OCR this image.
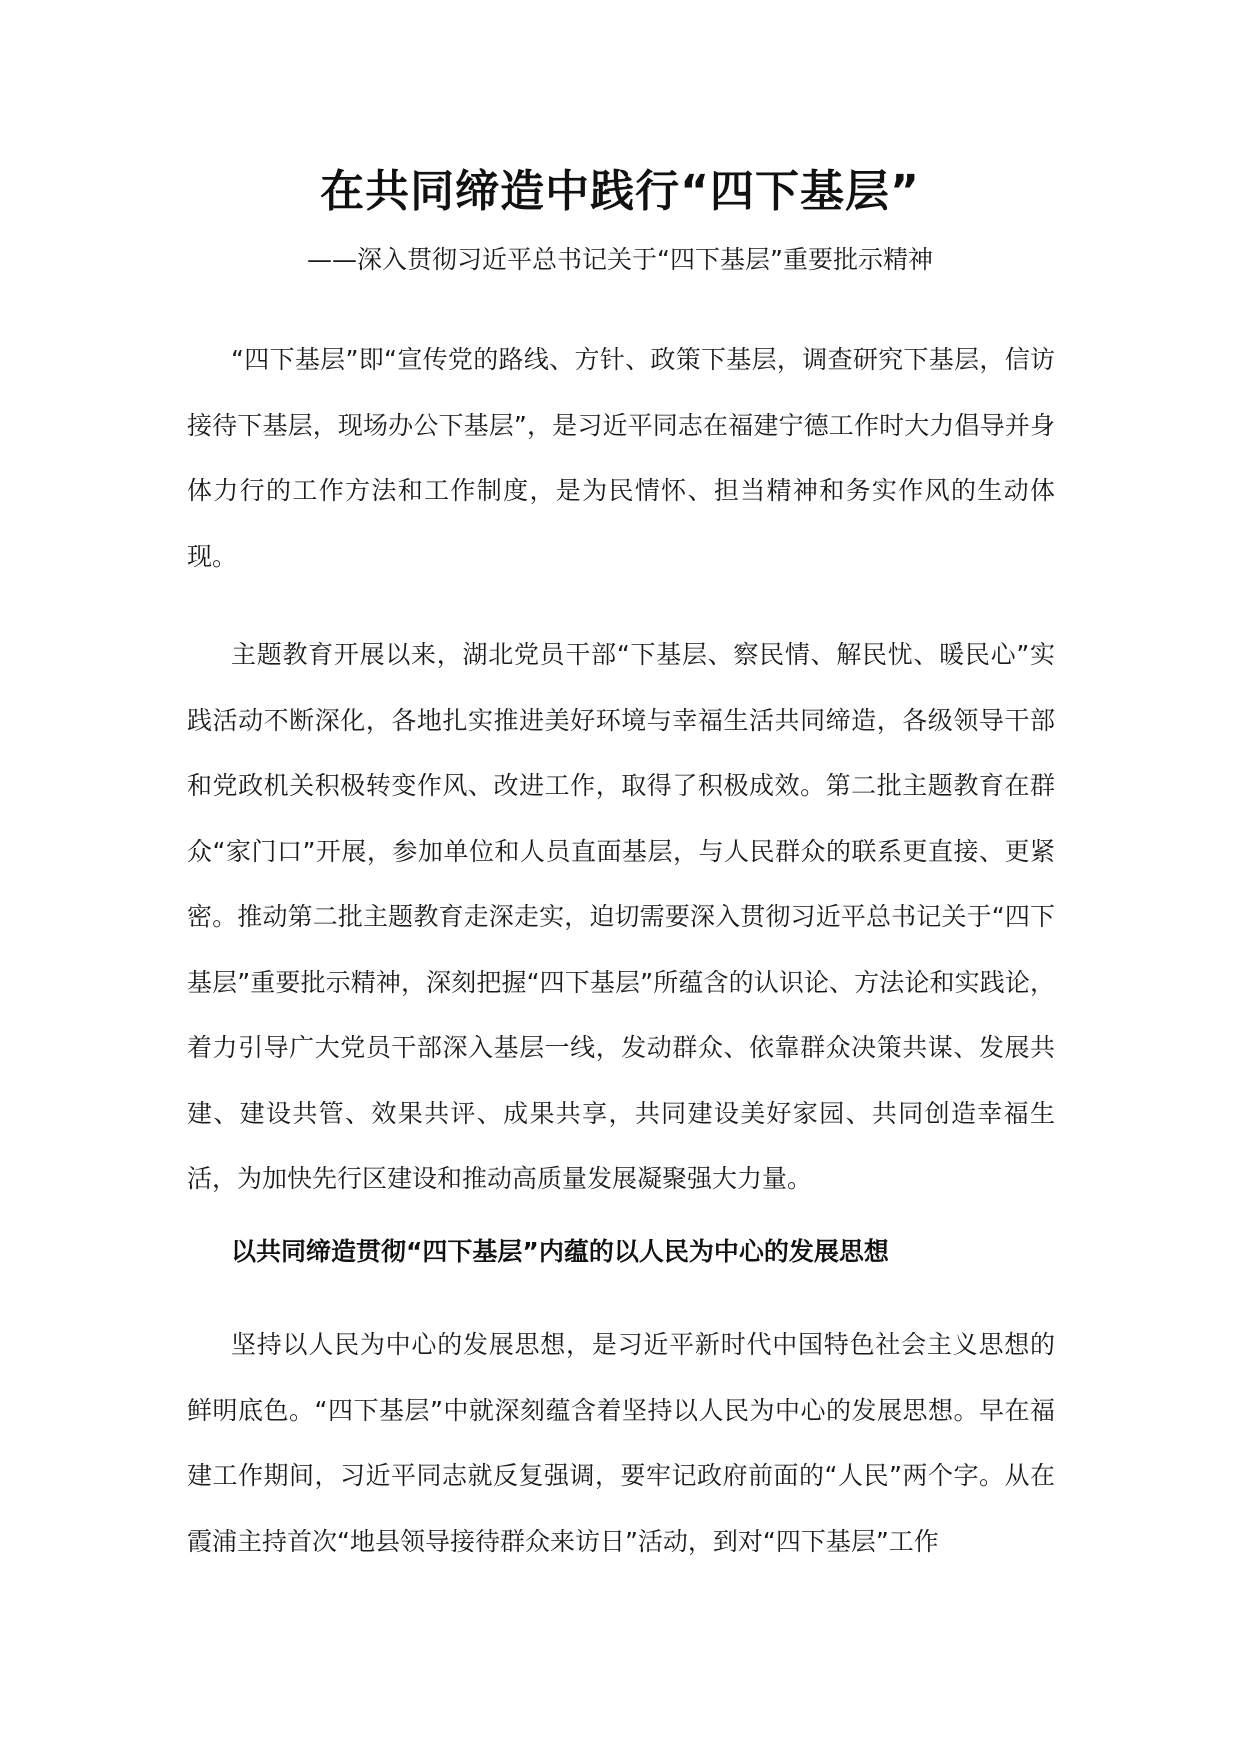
在共同缔造中践行“四下基层”
——深入贯彻习近平总书记关于“四下基层”重要批示精神

“四下基层”即“宣传党的路线、方针、政策下基层，调查研究下基层，信访接待下基层，现场办公下基层”，是习近平同志在福建宁德工作时大力倡导并身体力行的工作方法和工作制度，是为民情怀、担当精神和务实作风的生动体现。

主题教育开展以来，湖北党员干部“下基层、察民情、解民忧、暖民心”实践活动不断深化，各地扎实推进美好环境与幸福生活共同缔造，各级领导干部和党政机关积极转变作风、改进工作，取得了积极成效。第二批主题教育在群众“家门口”开展，参加单位和人员直面基层，与人民群众的联系更直接、更紧密。推动第二批主题教育走深走实，迫切需要深入贯彻习近平总书记关于“四下基层”重要批示精神，深刻把握“四下基层”所蕴含的认识论、方法论和实践论，着力引导广大党员干部深入基层一线，发动群众、依靠群众决策共谋、发展共建、建设共管、效果共评、成果共享，共同建设美好家园、共同创造幸福生活，为加快先行区建设和推动高质量发展凝聚强大力量。

以共同缔造贯彻“四下基层”内蕴的以人民为中心的发展思想

坚持以人民为中心的发展思想，是习近平新时代中国特色社会主义思想的鲜明底色。“四下基层”中就深刻蕴含着坚持以人民为中心的发展思想。早在福建工作期间，习近平同志就反复强调，要牢记政府前面的“人民”两个字。从在霞浦主持首次“地县领导接待群众来访日”活动，到对“四下基层”工作
